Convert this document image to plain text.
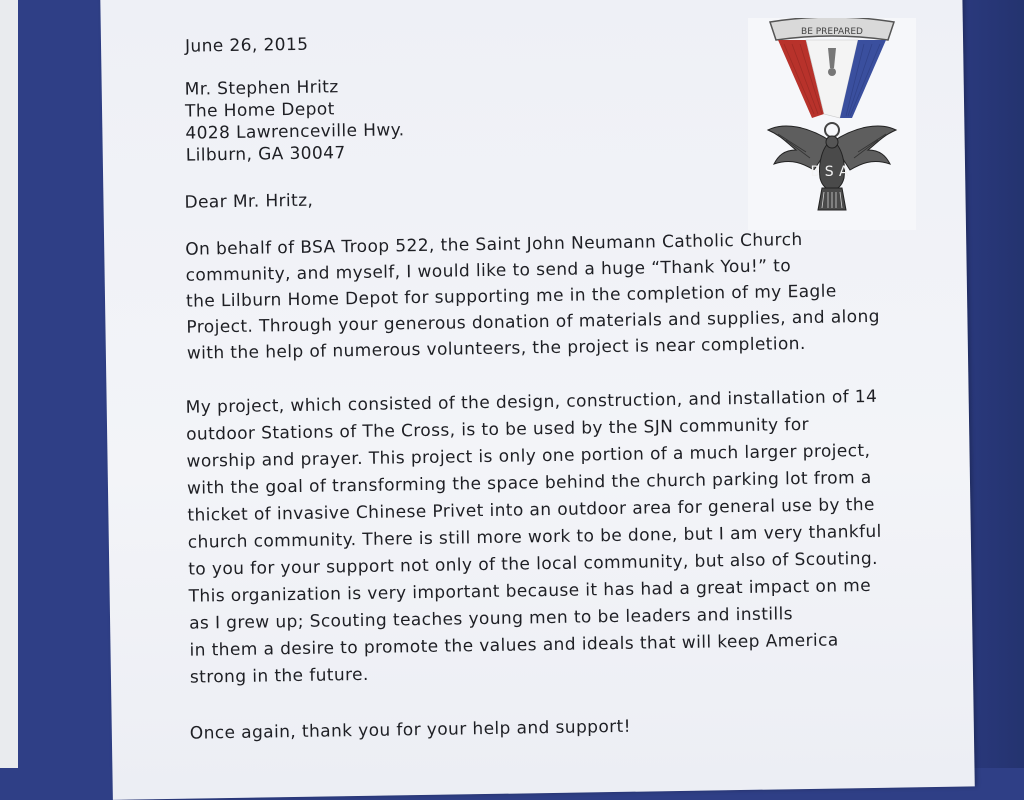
June 26, 2015
Mr. Stephen Hritz
The Home Depot
4028 Lawrenceville Hwy.
Lilburn, GA 30047
Dear Mr. Hritz,
On behalf of BSA Troop 522, the Saint John Neumann Catholic Church
community, and myself, I would like to send a huge “Thank You!” to
the Lilburn Home Depot for supporting me in the completion of my Eagle
Project. Through your generous donation of materials and supplies, and along
with the help of numerous volunteers, the project is near completion.
My project, which consisted of the design, construction, and installation of 14
outdoor Stations of The Cross, is to be used by the SJN community for
worship and prayer. This project is only one portion of a much larger project,
with the goal of transforming the space behind the church parking lot from a
thicket of invasive Chinese Privet into an outdoor area for general use by the
church community. There is still more work to be done, but I am very thankful
to you for your support not only of the local community, but also of Scouting.
This organization is very important because it has had a great impact on me
as I grew up; Scouting teaches young men to be leaders and instills
in them a desire to promote the values and ideals that will keep America
strong in the future.
Once again, thank you for your help and support!
BE PREPARED
BSA
